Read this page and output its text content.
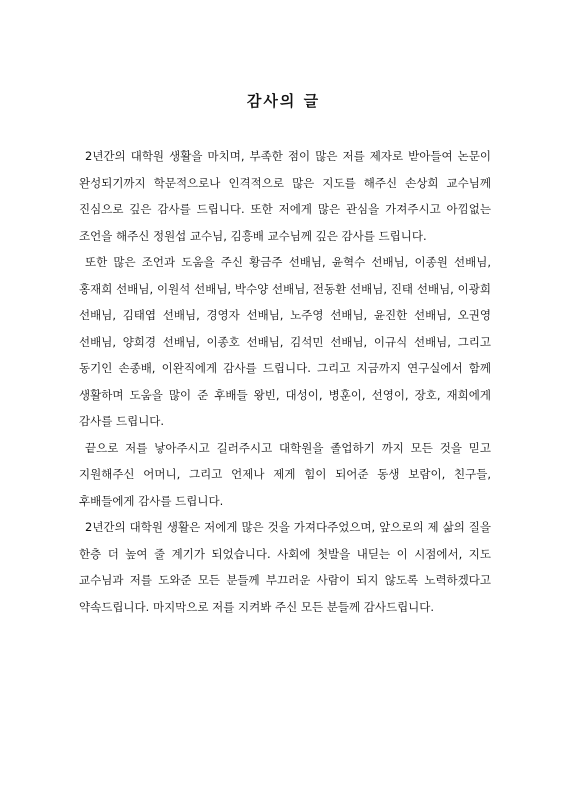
감사의 글

2년간의 대학원 생활을 마치며, 부족한 점이 많은 저를 제자로 받아들여 논문이 완성되기까지 학문적으로나 인격적으로 많은 지도를 해주신 손상희 교수님께 진심으로 깊은 감사를 드립니다. 또한 저에게 많은 관심을 가져주시고 아낌없는 조언을 해주신 정원섭 교수님, 김흥배 교수님께 깊은 감사를 드립니다.

또한 많은 조언과 도움을 주신 황금주 선배님, 윤혁수 선배님, 이종원 선배님, 홍재희 선배님, 이원석 선배님, 박수양 선배님, 전동환 선배님, 진태 선배님, 이광희 선배님, 김태엽 선배님, 경영자 선배님, 노주영 선배님, 윤진한 선배님, 오권영 선배님, 양희경 선배님, 이종호 선배님, 김석민 선배님, 이규식 선배님, 그리고 동기인 손종배, 이완직에게 감사를 드립니다. 그리고 지금까지 연구실에서 함께 생활하며 도움을 많이 준 후배들 왕빈, 대성이, 병훈이, 선영이, 장호, 재희에게 감사를 드립니다.

끝으로 저를 낳아주시고 길러주시고 대학원을 졸업하기 까지 모든 것을 믿고 지원해주신 어머니, 그리고 언제나 제게 힘이 되어준 동생 보람이, 친구들, 후배들에게 감사를 드립니다.

2년간의 대학원 생활은 저에게 많은 것을 가져다주었으며, 앞으로의 제 삶의 질을 한층 더 높여 줄 계기가 되었습니다. 사회에 첫발을 내딛는 이 시점에서, 지도 교수님과 저를 도와준 모든 분들께 부끄러운 사람이 되지 않도록 노력하겠다고 약속드립니다. 마지막으로 저를 지켜봐 주신 모든 분들께 감사드립니다.
